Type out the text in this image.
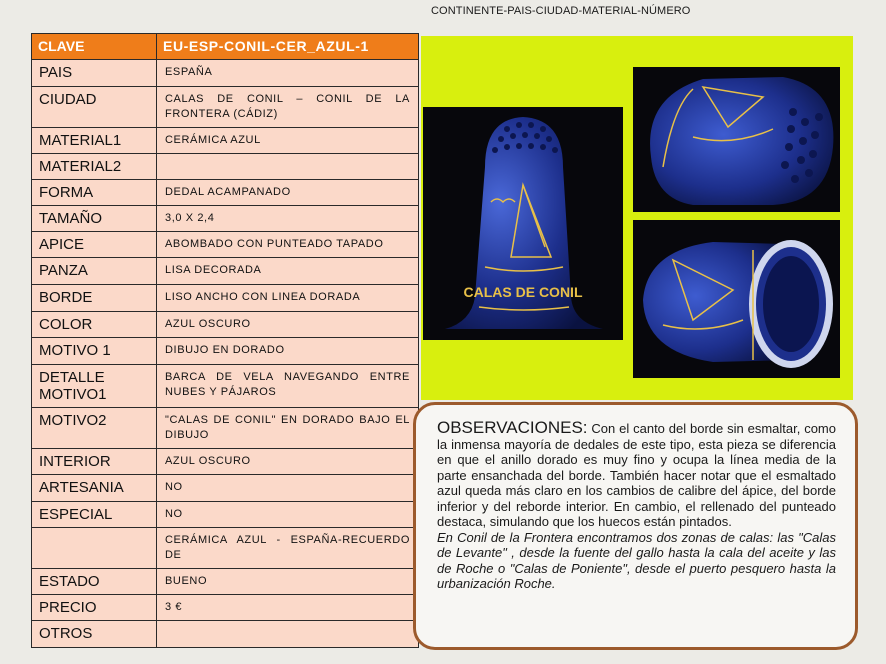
CONTINENTE-PAIS-CIUDAD-MATERIAL-NÚMERO
CLAVE	EU-ESP-CONIL-CER_AZUL-1
PAIS	ESPAÑA
CIUDAD	CALAS DE CONIL – CONIL DE LA FRONTERA (CÁDIZ)
MATERIAL1	CERÁMICA AZUL
MATERIAL2	
FORMA	DEDAL ACAMPANADO
TAMAÑO	3,0 X 2,4
APICE	ABOMBADO CON PUNTEADO TAPADO
PANZA	LISA DECORADA
BORDE	LISO ANCHO CON LINEA DORADA
COLOR	AZUL OSCURO
MOTIVO 1	DIBUJO EN DORADO
DETALLE MOTIVO1	BARCA DE VELA NAVEGANDO ENTRE NUBES Y PÁJAROS
MOTIVO2	"CALAS DE CONIL" EN DORADO BAJO EL DIBUJO
INTERIOR	AZUL OSCURO
ARTESANIA	NO
ESPECIAL	NO
	CERÁMICA AZUL - ESPAÑA-RECUERDO DE
ESTADO	BUENO
PRECIO	3 €
OTROS	
CALAS DE CONIL
OBSERVACIONES: Con el canto del borde sin esmaltar, como la inmensa mayoría de dedales de este tipo, esta pieza se diferencia en que el anillo dorado es muy fino y ocupa la línea media de la parte ensanchada del borde. También hacer notar que el esmaltado azul queda más claro en los cambios de calibre del ápice, del borde inferior y del reborde interior. En cambio, el rellenado del punteado destaca, simulando que los huecos están pintados.
En Conil de la Frontera encontramos dos zonas de calas: las "Calas de Levante" , desde la fuente del gallo hasta la cala del aceite y las de Roche o "Calas de Poniente", desde el puerto pesquero hasta la urbanización Roche.
